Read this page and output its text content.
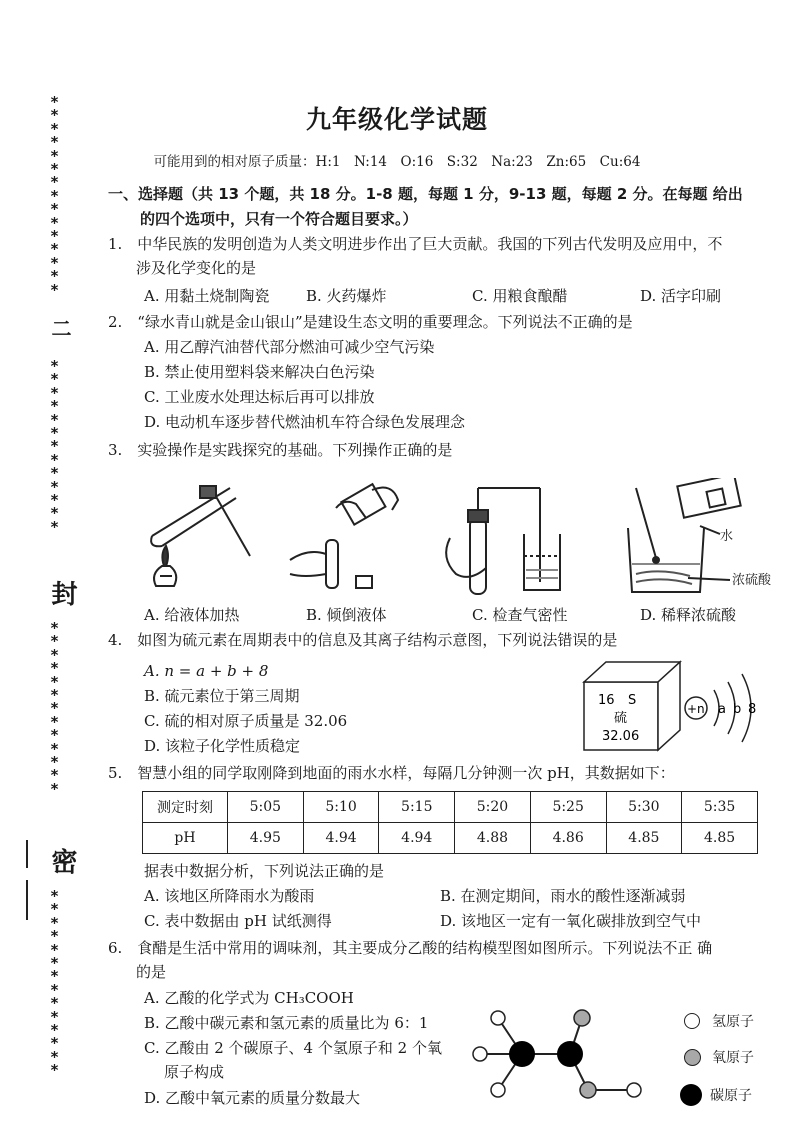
***************
二
*************
封
*************
密
**************
九年级化学试题
可能用到的相对原子质量：H:1　N:14　O:16　S:32　Na:23　Zn:65　Cu:64
一、选择题（共 13 个题，共 18 分。1-8 题，每题 1 分，9-13 题，每题 2 分。在每题 给出
的四个选项中，只有一个符合题目要求。）
1.　中华民族的发明创造为人类文明进步作出了巨大贡献。我国的下列古代发明及应用中，不
涉及化学变化的是
A. 用黏土烧制陶瓷 B. 火药爆炸	C. 用粮食酿醋	D. 活字印刷
2.　“绿水青山就是金山银山”是建设生态文明的重要理念。下列说法不正确的是
A. 用乙醇汽油替代部分燃油可减少空气污染
B. 禁止使用塑料袋来解决白色污染
C. 工业废水处理达标后再可以排放
D. 电动机车逐步替代燃油机车符合绿色发展理念
3.　实验操作是实践探究的基础。下列操作正确的是
水
浓硫酸
A. 给液体加热	B. 倾倒液体	C. 检查气密性	D. 稀释浓硫酸
4.　如图为硫元素在周期表中的信息及其离子结构示意图，下列说法错误的是
A. n = a + b + 8
B. 硫元素位于第三周期
C. 硫的相对原子质量是 32.06
D. 该粒子化学性质稳定
16 S
硫
32.06
+n a b 8
5.　智慧小组的同学取刚降到地面的雨水水样，每隔几分钟测一次 pH，其数据如下：
测定时刻	5:05	5:10	5:15	5:20	5:25	5:30	5:35
pH	4.95	4.94	4.94	4.88	4.86	4.85	4.85
据表中数据分析，下列说法正确的是
A. 该地区所降雨水为酸雨	B. 在测定期间，雨水的酸性逐渐减弱
C. 表中数据由 pH 试纸测得	D. 该地区一定有一氧化碳排放到空气中
6.　食醋是生活中常用的调味剂，其主要成分乙酸的结构模型图如图所示。下列说法不正 确
的是
A. 乙酸的化学式为 CH₃COOH
B. 乙酸中碳元素和氢元素的质量比为 6：1
C. 乙酸由 2 个碳原子、4 个氢原子和 2 个氧
原子构成
D. 乙酸中氧元素的质量分数最大
氢原子
氧原子
碳原子
